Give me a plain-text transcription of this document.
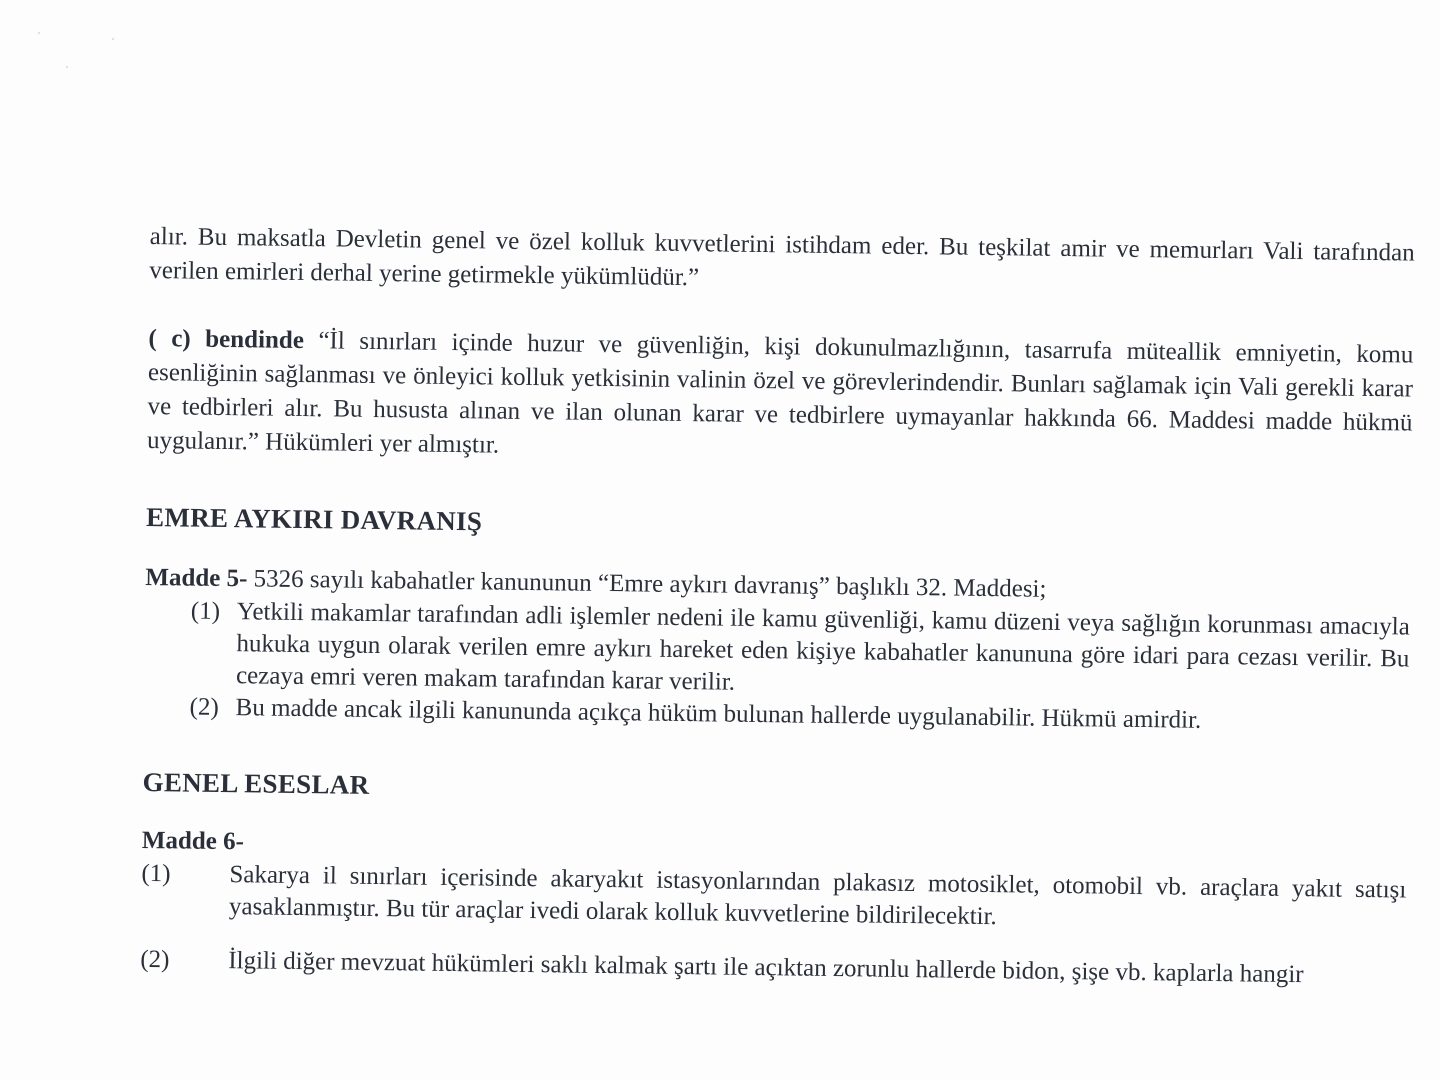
alır. Bu maksatla Devletin genel ve özel kolluk kuvvetlerini istihdam eder. Bu teşkilat amir ve memurları Vali tarafından verilen emirleri derhal yerine getirmekle yükümlüdür.”

( c) bendinde “İl sınırları içinde huzur ve güvenliğin, kişi dokunulmazlığının, tasarrufa müteallik emniyetin, komu esenliğinin sağlanması ve önleyici kolluk yetkisinin valinin özel ve görevlerindendir. Bunları sağlamak için Vali gerekli karar ve tedbirleri alır. Bu hususta alınan ve ilan olunan karar ve tedbirlere uymayanlar hakkında 66. Maddesi madde hükmü uygulanır.” Hükümleri yer almıştır.

EMRE AYKIRI DAVRANIŞ

Madde 5- 5326 sayılı kabahatler kanununun “Emre aykırı davranış” başlıklı 32. Maddesi;

(1) Yetkili makamlar tarafından adli işlemler nedeni ile kamu güvenliği, kamu düzeni veya sağlığın korunması amacıyla hukuka uygun olarak verilen emre aykırı hareket eden kişiye kabahatler kanununa göre idari para cezası verilir. Bu cezaya emri veren makam tarafından karar verilir.
(2) Bu madde ancak ilgili kanununda açıkça hüküm bulunan hallerde uygulanabilir. Hükmü amirdir.
GENEL ESESLAR

Madde 6-

(1)	Sakarya il sınırları içerisinde akaryakıt istasyonlarından plakasız motosiklet, otomobil vb. araçlara yakıt satışı yasaklanmıştır. Bu tür araçlar ivedi olarak kolluk kuvvetlerine bildirilecektir.
(2)	İlgili diğer mevzuat hükümleri saklı kalmak şartı ile açıktan zorunlu hallerde bidon, şişe vb. kaplarla hangir
